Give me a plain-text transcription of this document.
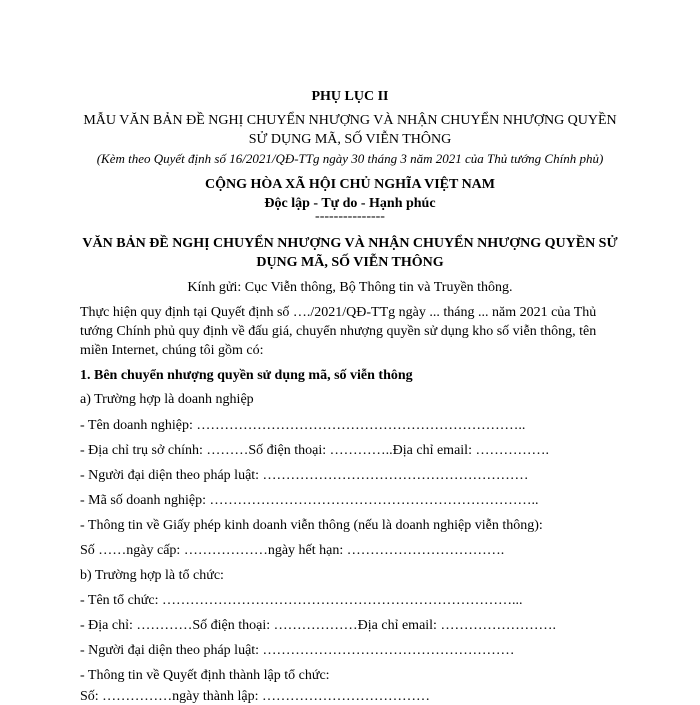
PHỤ LỤC II
MẪU VĂN BẢN ĐỀ NGHỊ CHUYỂN NHƯỢNG VÀ NHẬN CHUYỂN NHƯỢNG QUYỀN
SỬ DỤNG MÃ, SỐ VIỄN THÔNG
(Kèm theo Quyết định số 16/2021/QĐ-TTg ngày 30 tháng 3 năm 2021 của Thủ tướng Chính phủ)
CỘNG HÒA XÃ HỘI CHỦ NGHĨA VIỆT NAM
Độc lập - Tự do - Hạnh phúc
---------------
VĂN BẢN ĐỀ NGHỊ CHUYỂN NHƯỢNG VÀ NHẬN CHUYỂN NHƯỢNG QUYỀN SỬ
DỤNG MÃ, SỐ VIỄN THÔNG
Kính gửi: Cục Viễn thông, Bộ Thông tin và Truyền thông.
Thực hiện quy định tại Quyết định số …./2021/QĐ-TTg ngày ... tháng ... năm 2021 của Thủ
tướng Chính phủ quy định về đấu giá, chuyển nhượng quyền sử dụng kho số viễn thông, tên
miền Internet, chúng tôi gồm có:
1. Bên chuyển nhượng quyền sử dụng mã, số viễn thông
a) Trường hợp là doanh nghiệp
- Tên doanh nghiệp: ……………………………………………………………..
- Địa chỉ trụ sở chính: ………Số điện thoại: …………..Địa chỉ email: …………….
- Người đại diện theo pháp luật: …………………………………………………
- Mã số doanh nghiệp: ……………………………………………………………..
- Thông tin về Giấy phép kinh doanh viễn thông (nếu là doanh nghiệp viễn thông):
Số ……ngày cấp: ………………ngày hết hạn: …………………………….
b) Trường hợp là tổ chức:
- Tên tổ chức: …………………………………………………………………...
- Địa chỉ: …………Số điện thoại: ………………Địa chỉ email: …………………….
- Người đại diện theo pháp luật: ………………………………………………
- Thông tin về Quyết định thành lập tổ chức:
Số: ……………ngày thành lập: ………………………………
